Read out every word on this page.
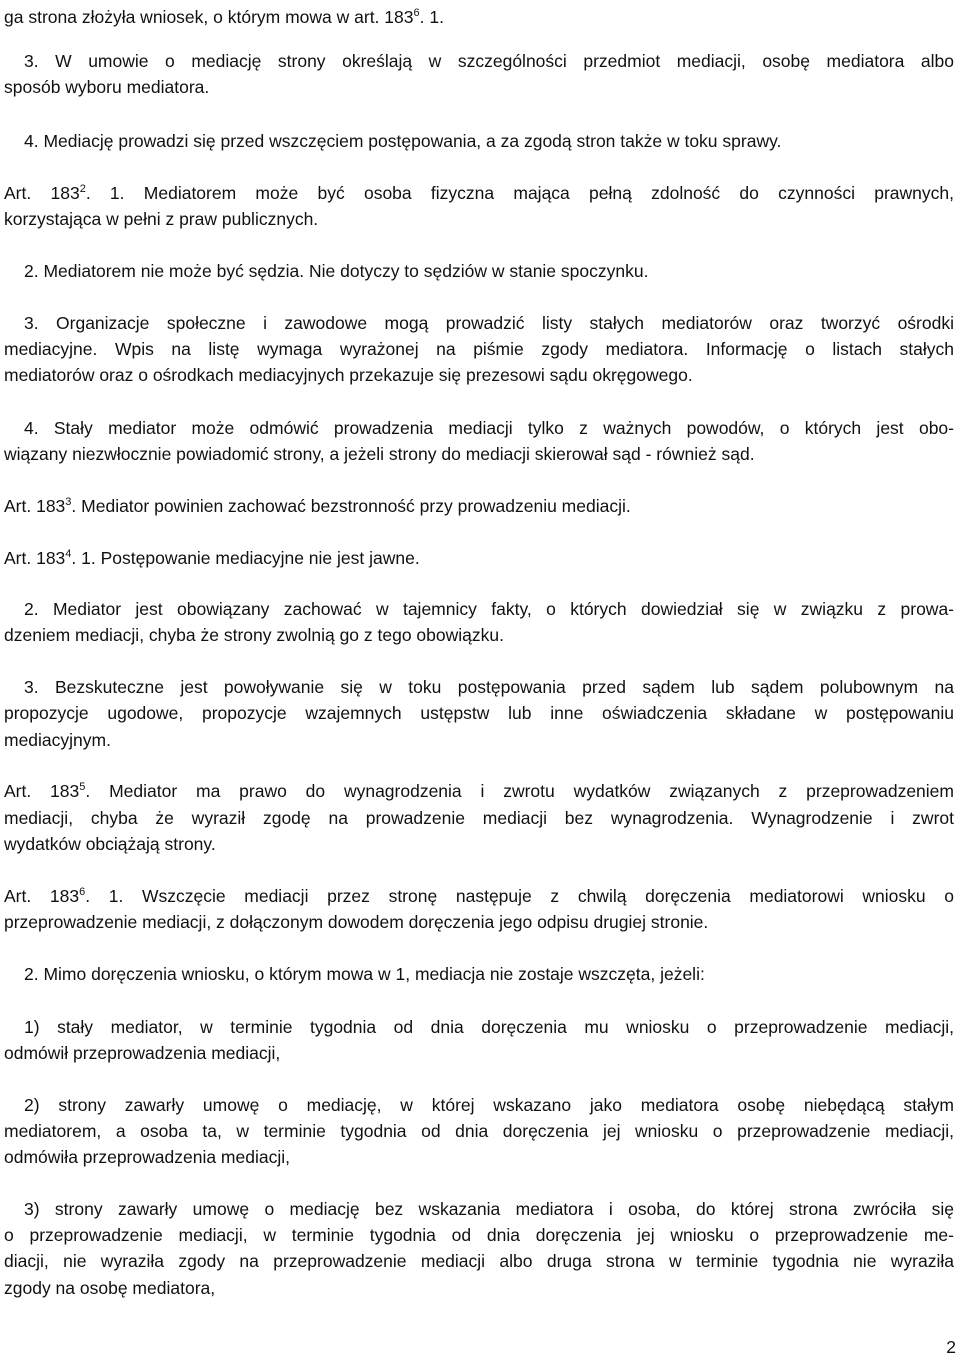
2
ga strona złożyła wniosek, o którym mowa w art. $183^6$. 1.
3. W umowie o mediację strony określają w szczególności przedmiot mediacji, osobę mediatora albo
sposób wyboru mediatora.
4. Mediację prowadzi się przed wszczęciem postępowania, a za zgodą stron także w toku sprawy.
Art. $183^2$. 1. Mediatorem może być osoba fizyczna mająca pełną zdolność do czynności prawnych,
korzystająca w pełni z praw publicznych.
2. Mediatorem nie może być sędzia. Nie dotyczy to sędziów w stanie spoczynku.
3. Organizacje społeczne i zawodowe mogą prowadzić listy stałych mediatorów oraz tworzyć ośrodki
mediacyjne. Wpis na listę wymaga wyrażonej na piśmie zgody mediatora. Informację o listach stałych
mediatorów oraz o ośrodkach mediacyjnych przekazuje się prezesowi sądu okręgowego.
4. Stały mediator może odmówić prowadzenia mediacji tylko z ważnych powodów, o których jest obo-
wiązany niezwłocznie powiadomić strony, a jeżeli strony do mediacji skierował sąd - również sąd.
Art. $183^3$. Mediator powinien zachować bezstronność przy prowadzeniu mediacji.
Art. $183^4$. 1. Postępowanie mediacyjne nie jest jawne.
2. Mediator jest obowiązany zachować w tajemnicy fakty, o których dowiedział się w związku z prowa-
dzeniem mediacji, chyba że strony zwolnią go z tego obowiązku.
3. Bezskuteczne jest powoływanie się w toku postępowania przed sądem lub sądem polubownym na
propozycje ugodowe, propozycje wzajemnych ustępstw lub inne oświadczenia składane w postępowaniu
mediacyjnym.
Art. $183^5$. Mediator ma prawo do wynagrodzenia i zwrotu wydatków związanych z przeprowadzeniem
mediacji, chyba że wyraził zgodę na prowadzenie mediacji bez wynagrodzenia. Wynagrodzenie i zwrot
wydatków obciążają strony.
Art. $183^6$. 1. Wszczęcie mediacji przez stronę następuje z chwilą doręczenia mediatorowi wniosku o
przeprowadzenie mediacji, z dołączonym dowodem doręczenia jego odpisu drugiej stronie.
2. Mimo doręczenia wniosku, o którym mowa w 1, mediacja nie zostaje wszczęta, jeżeli:
1) stały mediator, w terminie tygodnia od dnia doręczenia mu wniosku o przeprowadzenie mediacji,
odmówił przeprowadzenia mediacji,
2) strony zawarły umowę o mediację, w której wskazano jako mediatora osobę niebędącą stałym
mediatorem, a osoba ta, w terminie tygodnia od dnia doręczenia jej wniosku o przeprowadzenie mediacji,
odmówiła przeprowadzenia mediacji,
3) strony zawarły umowę o mediację bez wskazania mediatora i osoba, do której strona zwróciła się
o przeprowadzenie mediacji, w terminie tygodnia od dnia doręczenia jej wniosku o przeprowadzenie me-
diacji, nie wyraziła zgody na przeprowadzenie mediacji albo druga strona w terminie tygodnia nie wyraziła
zgody na osobę mediatora,
